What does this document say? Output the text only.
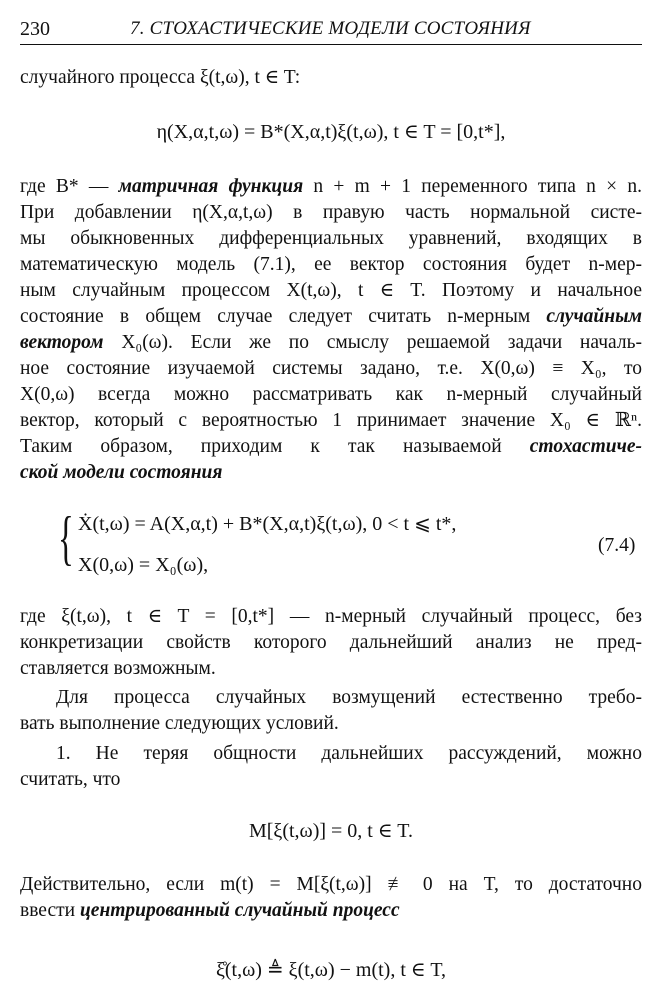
230	7. СТОХАСТИЧЕСКИЕ МОДЕЛИ СОСТОЯНИЯ
случайного процесса ξ(t,ω), t ∈ T:
η(X,α,t,ω) = B*(X,α,t)ξ(t,ω), t ∈ T = [0,t*],
где B* — матричная функция n + m + 1 переменного типа n × n.
При добавлении η(X,α,t,ω) в правую часть нормальной систе-
мы обыкновенных дифференциальных уравнений, входящих в
математическую модель (7.1), ее вектор состояния будет n-мер-
ным случайным процессом X(t,ω), t ∈ T. Поэтому и начальное
состояние в общем случае следует считать n-мерным случайным
вектором X₀(ω). Если же по смыслу решаемой задачи началь-
ное состояние изучаемой системы задано, т.е. X(0,ω) ≡ X₀, то
X(0,ω) всегда можно рассматривать как n-мерный случайный
вектор, который с вероятностью 1 принимает значение X₀ ∈ ℝⁿ.
Таким образом, приходим к так называемой стохастиче-
ской модели состояния
{ Ẋ(t,ω) = A(X,α,t) + B*(X,α,t)ξ(t,ω), 0 < t ⩽ t*,
X(0,ω) = X₀(ω),
(7.4)
где ξ(t,ω), t ∈ T = [0,t*] — n-мерный случайный процесс, без
конкретизации свойств которого дальнейший анализ не пред-
ставляется возможным.
Для процесса случайных возмущений естественно требо-
вать выполнение следующих условий.
1. Не теряя общности дальнейших рассуждений, можно
считать, что
M[ξ(t,ω)] = 0, t ∈ T.
Действительно, если m(t) = M[ξ(t,ω)] ≢ 0 на T, то достаточно
ввести центрированный случайный процесс
ξ̊(t,ω) ≜ ξ(t,ω) − m(t), t ∈ T,
